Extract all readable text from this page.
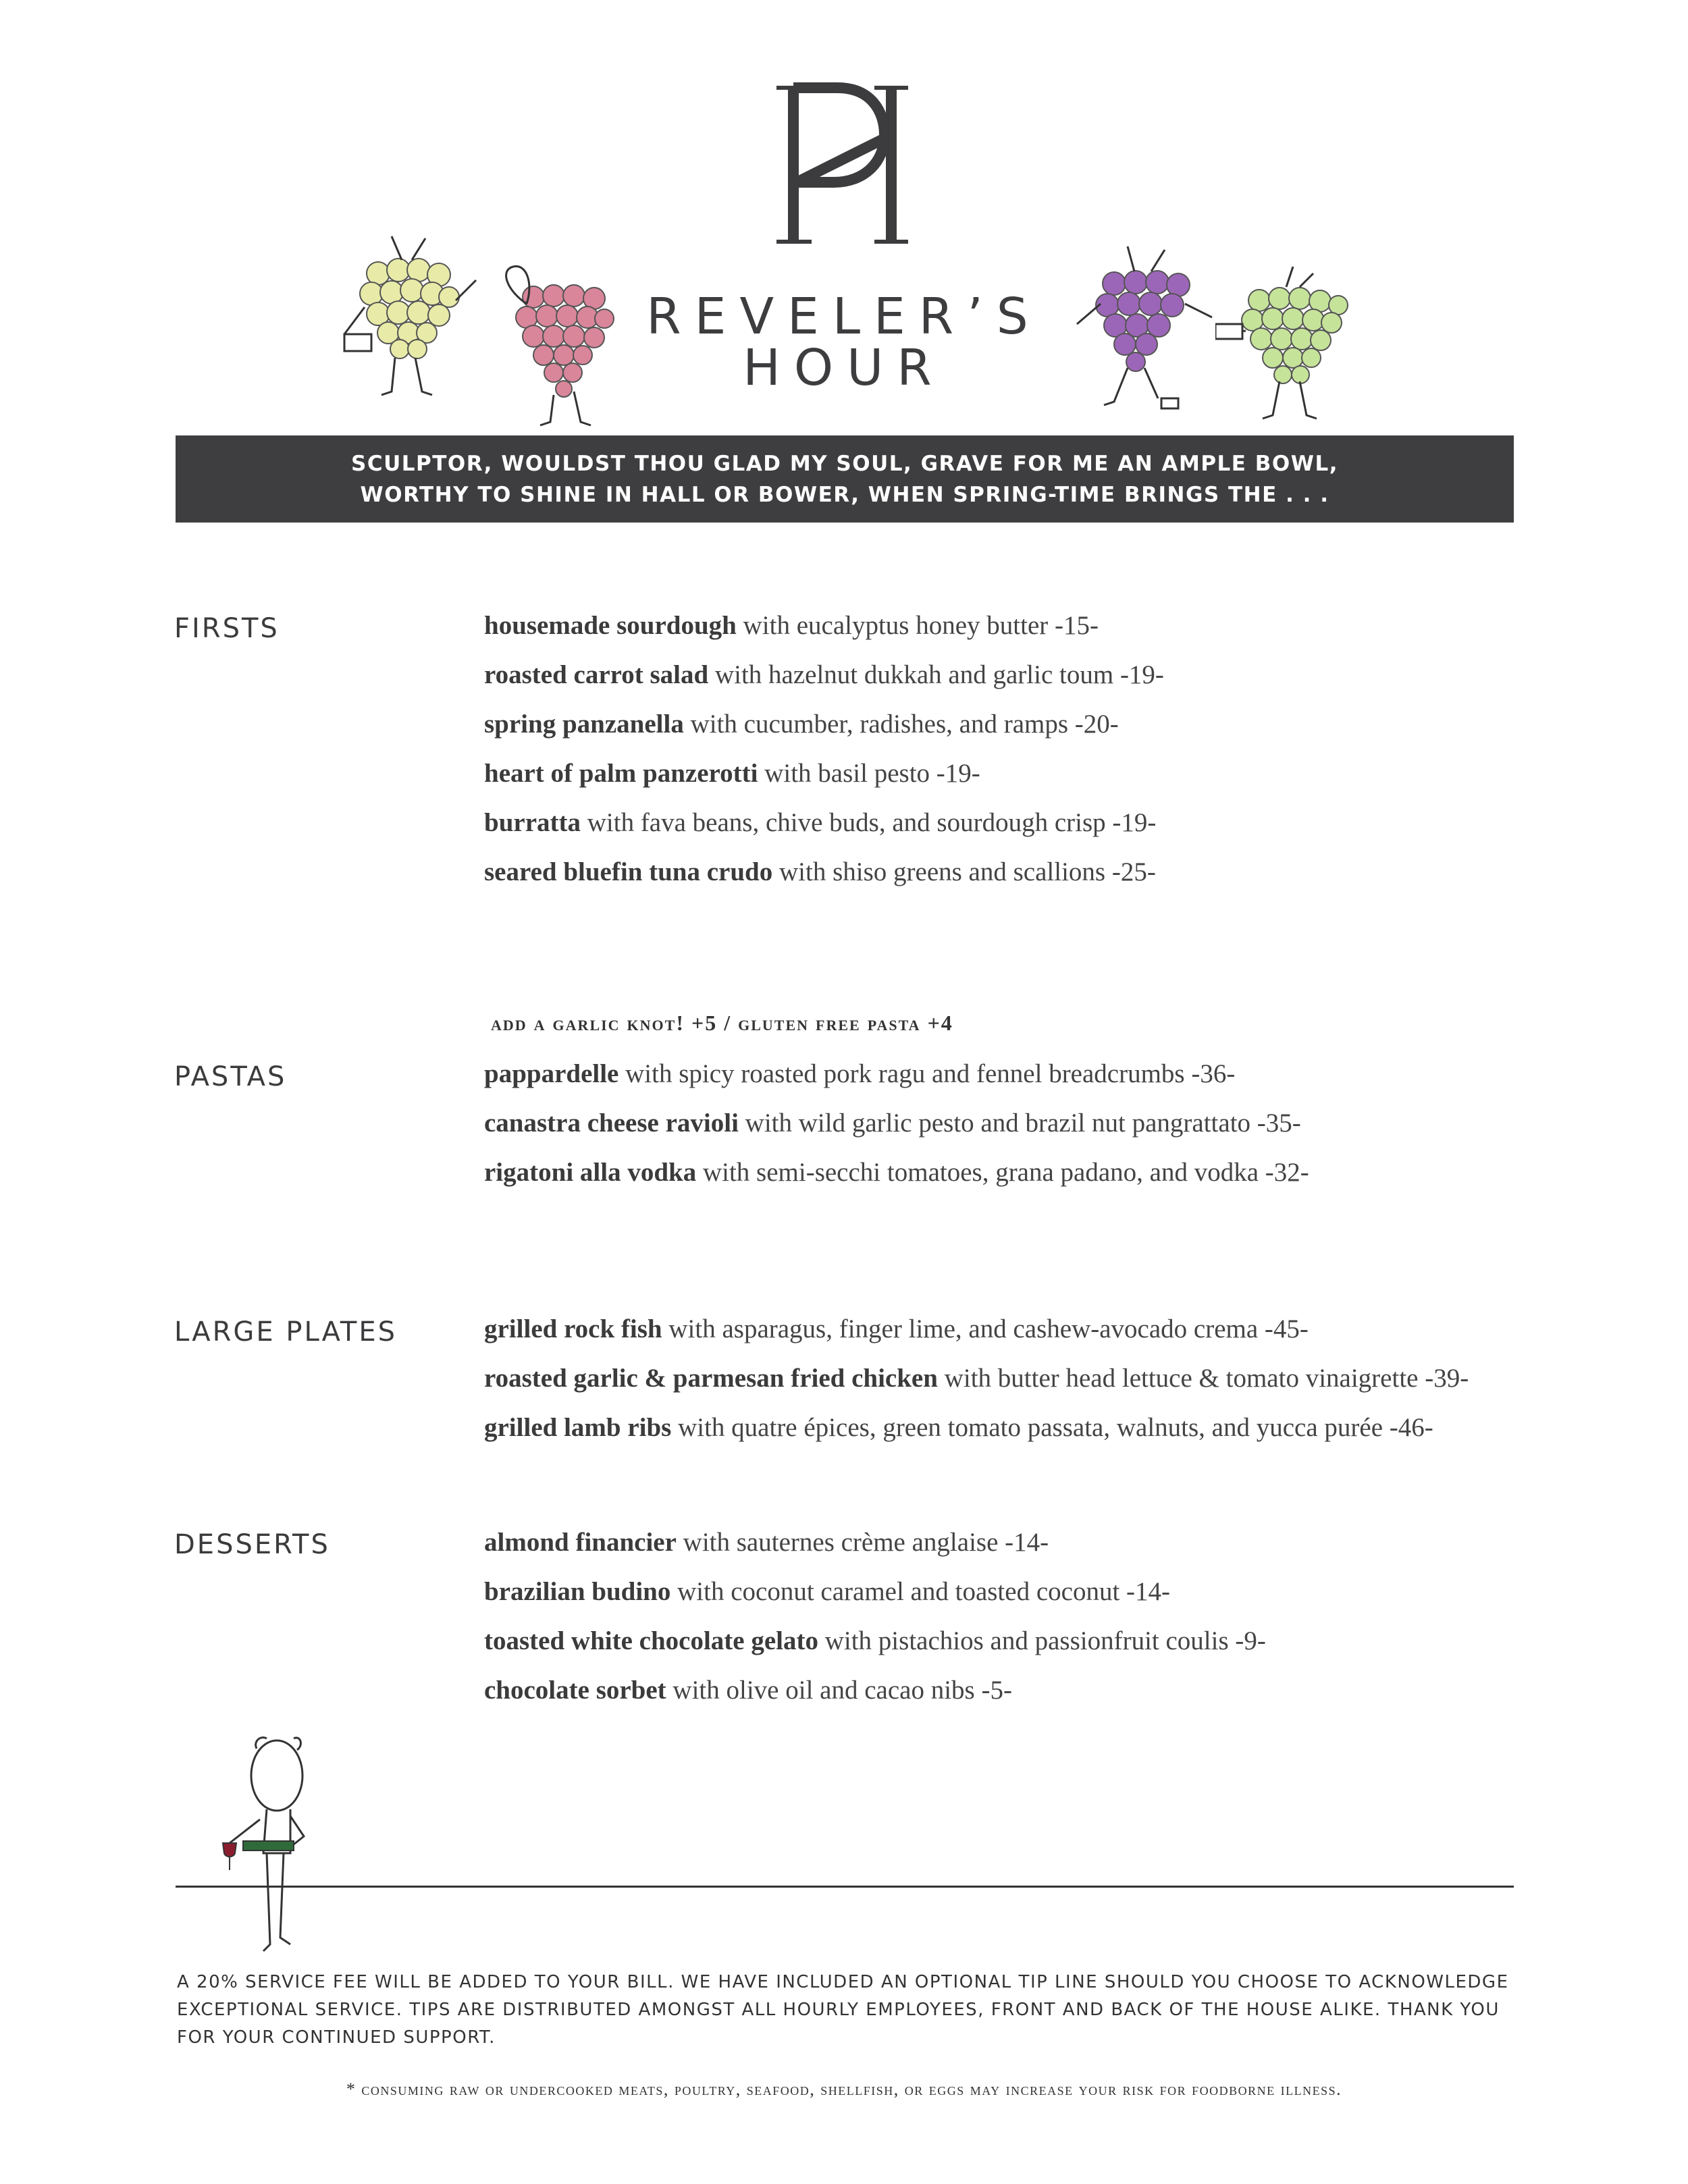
REVELER’S
HOUR
SCULPTOR, WOULDST THOU GLAD MY SOUL, GRAVE FOR ME AN AMPLE BOWL,
WORTHY TO SHINE IN HALL OR BOWER, WHEN SPRING-TIME BRINGS THE . . .
FIRSTS	housemade sourdough with eucalyptus honey butter -15-
roasted carrot salad with hazelnut dukkah and garlic toum -19-
spring panzanella with cucumber, radishes, and ramps -20-
heart of palm panzerotti with basil pesto -19-
burratta with fava beans, chive buds, and sourdough crisp -19-
seared bluefin tuna crudo with shiso greens and scallions -25-
add a garlic knot! +5 / gluten free pasta +4
PASTAS	pappardelle with spicy roasted pork ragu and fennel breadcrumbs -36-
canastra cheese ravioli with wild garlic pesto and brazil nut pangrattato -35-
rigatoni alla vodka with semi-secchi tomatoes, grana padano, and vodka -32-
LARGE PLATES	grilled rock fish with asparagus, finger lime, and cashew-avocado crema -45-
roasted garlic & parmesan fried chicken with butter head lettuce & tomato vinaigrette -39-
grilled lamb ribs with quatre épices, green tomato passata, walnuts, and yucca purée -46-
DESSERTS	almond financier with sauternes crème anglaise -14-
brazilian budino with coconut caramel and toasted coconut -14-
toasted white chocolate gelato with pistachios and passionfruit coulis -9-
chocolate sorbet with olive oil and cacao nibs -5-
A 20% SERVICE FEE WILL BE ADDED TO YOUR BILL. WE HAVE INCLUDED AN OPTIONAL TIP LINE SHOULD YOU CHOOSE TO ACKNOWLEDGE EXCEPTIONAL SERVICE. TIPS ARE DISTRIBUTED AMONGST ALL HOURLY EMPLOYEES, FRONT AND BACK OF THE HOUSE ALIKE. THANK YOU FOR YOUR CONTINUED SUPPORT.
* consuming raw or undercooked meats, poultry, seafood, shellfish, or eggs may increase your risk for foodborne illness.
